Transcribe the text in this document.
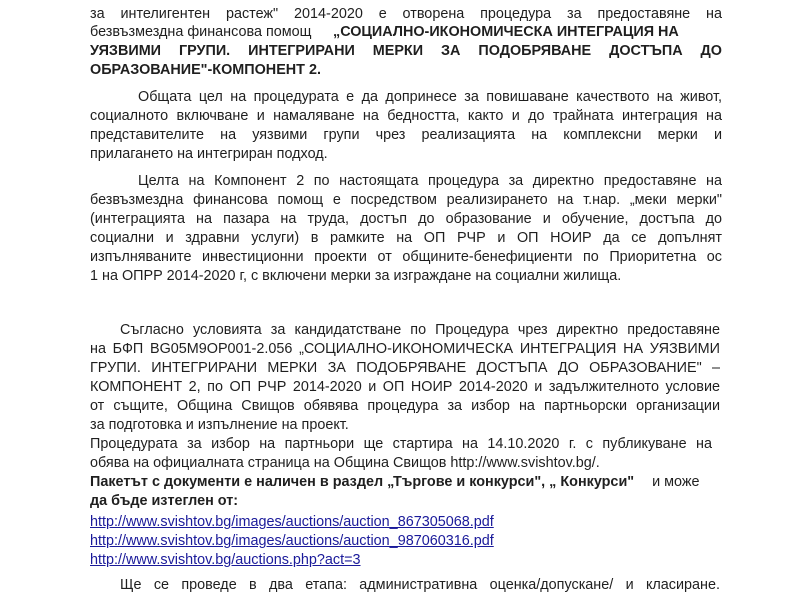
за интелигентен растеж" 2014-2020 е отворена процедура за предоставяне на
безвъзмездна финансова помощ „СОЦИАЛНО-ИКОНОМИЧЕСКА ИНТЕГРАЦИЯ НА
УЯЗВИМИ ГРУПИ. ИНТЕГРИРАНИ МЕРКИ ЗА ПОДОБРЯВАНЕ ДОСТЪПА ДО
ОБРАЗОВАНИЕ"-КОМПОНЕНТ 2.
Общата цел на процедурата е да допринесе за повишаване качеството на живот,
социалното включване и намаляване на бедността, както и до трайната интеграция на
представителите на уязвими групи чрез реализацията на комплексни мерки и
прилагането на интегриран подход.
Целта на Компонент 2 по настоящата процедура за директно предоставяне на
безвъзмездна финансова помощ е посредством реализирането на т.нар. „меки мерки"
(интеграцията на пазара на труда, достъп до образование и обучение, достъпа до
социални и здравни услуги) в рамките на ОП РЧР и ОП НОИР да се допълнят
изпълняваните инвестиционни проекти от общините-бенефициенти по Приоритетна ос
1 на ОПРР 2014-2020 г, с включени мерки за изграждане на социални жилища.
Съгласно условията за кандидатстване по Процедура чрез директно предоставяне
на БФП BG05M9OP001-2.056 „СОЦИАЛНО-ИКОНОМИЧЕСКА ИНТЕГРАЦИЯ НА УЯЗВИМИ
ГРУПИ. ИНТЕГРИРАНИ МЕРКИ ЗА ПОДОБРЯВАНЕ ДОСТЪПА ДО ОБРАЗОВАНИЕ" –
КОМПОНЕНТ 2, по ОП РЧР 2014-2020 и ОП НОИР 2014-2020 и задължителното условие
от същите, Община Свищов обявява процедура за избор на партньорски организации
за подготовка и изпълнение на проект.
Процедурата за избор на партньори ще стартира на 14.10.2020 г. с публикуване на
обява на официалната страница на Община Свищов http://www.svishtov.bg/.
Пакетът с документи е наличен в раздел „Търгове и конкурси", „ Конкурси" и може
да бъде изтеглен от:
http://www.svishtov.bg/images/auctions/auction_867305068.pdf
http://www.svishtov.bg/images/auctions/auction_987060316.pdf
http://www.svishtov.bg/auctions.php?act=3
Ще се проведе в два етапа: административна оценка/допускане/ и класиране.
